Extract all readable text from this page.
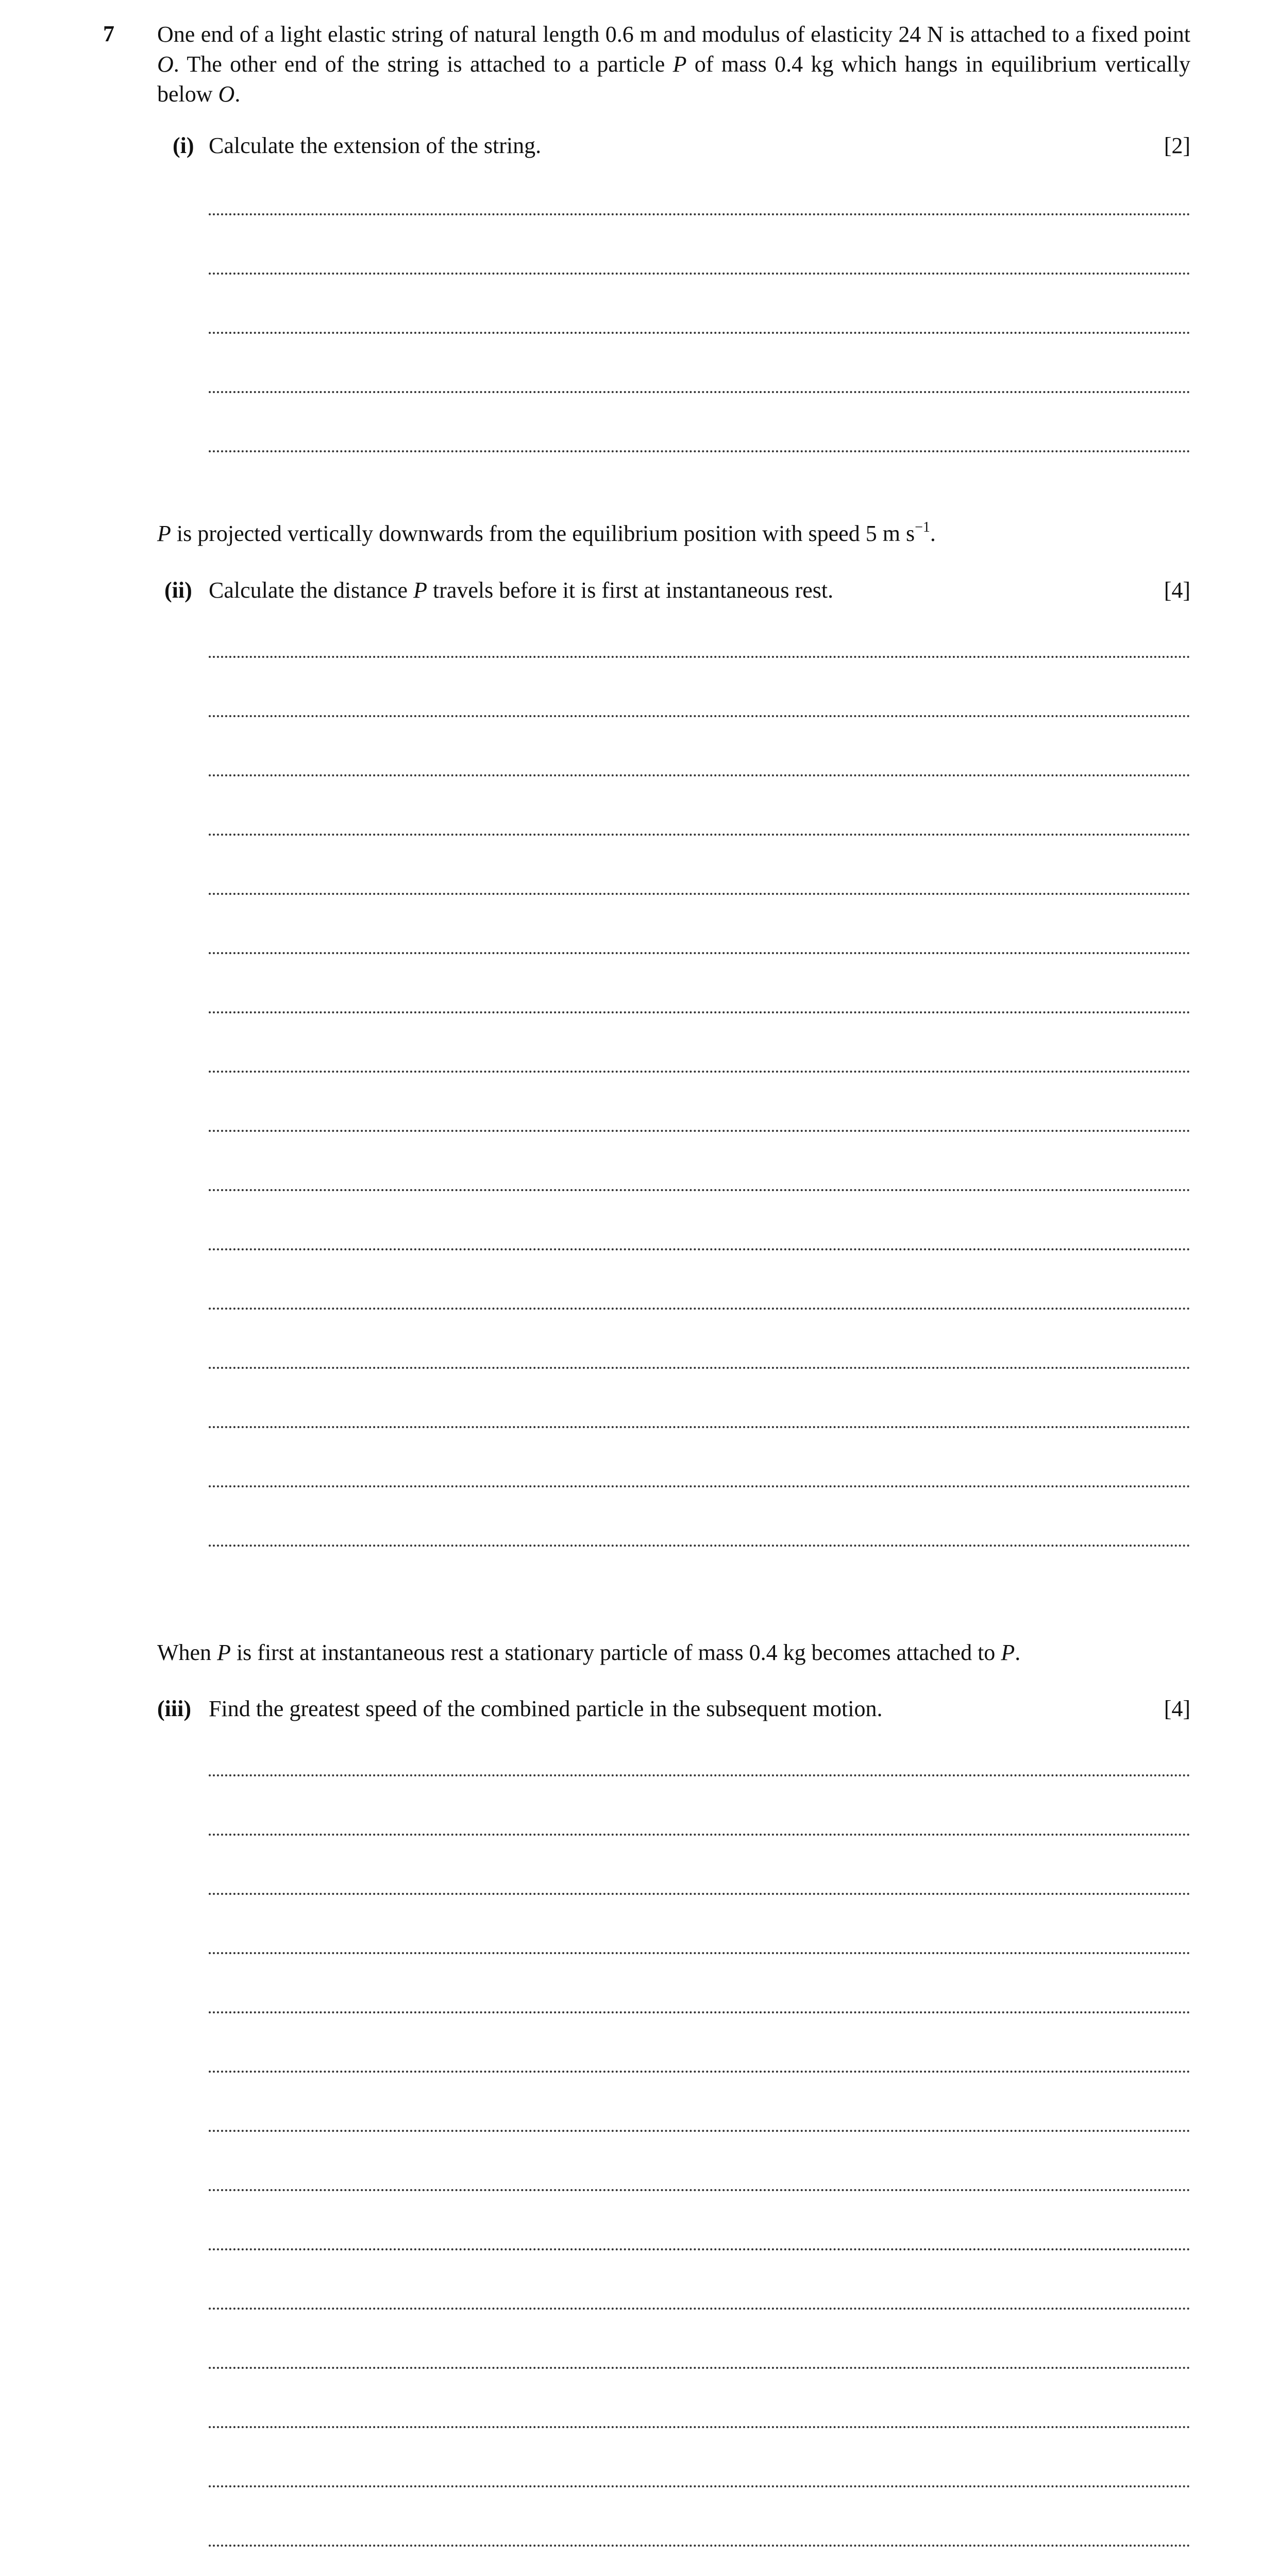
7 One end of a light elastic string of natural length 0.6 m and modulus of elasticity 24 N is attached to a fixed point O. The other end of the string is attached to a particle P of mass 0.4 kg which hangs in equilibrium vertically below O.
(i) Calculate the extension of the string.	[2]
P is projected vertically downwards from the equilibrium position with speed 5 m $s^{-1}$.
(ii) Calculate the distance P travels before it is first at instantaneous rest.	[4]
When P is first at instantaneous rest a stationary particle of mass 0.4 kg becomes attached to P.
(iii) Find the greatest speed of the combined particle in the subsequent motion.	[4]
